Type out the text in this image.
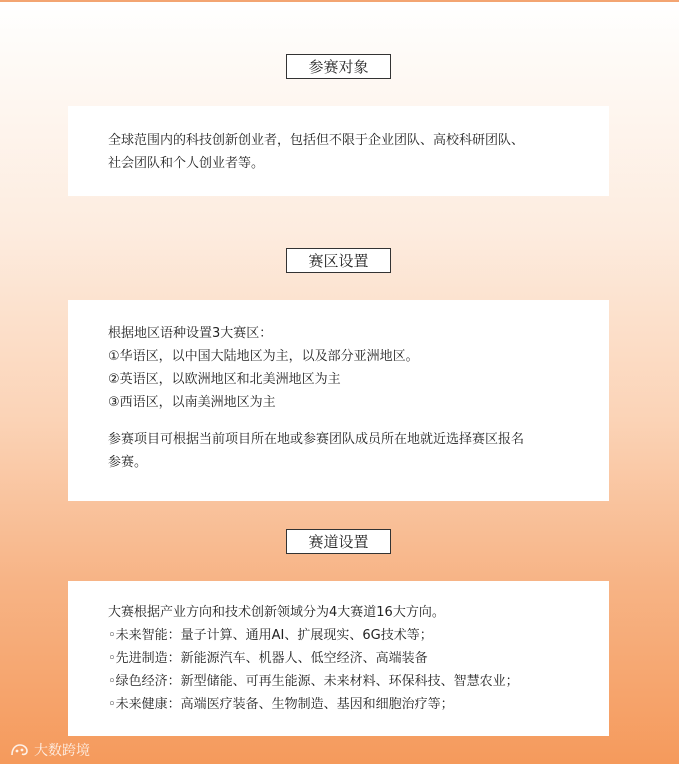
参赛对象
全球范围内的科技创新创业者，包括但不限于企业团队、高校科研团队、
社会团队和个人创业者等。
赛区设置
根据地区语种设置3大赛区：
①华语区，以中国大陆地区为主，以及部分亚洲地区。
②英语区，以欧洲地区和北美洲地区为主
③西语区，以南美洲地区为主
参赛项目可根据当前项目所在地或参赛团队成员所在地就近选择赛区报名
参赛。
赛道设置
大赛根据产业方向和技术创新领域分为4大赛道16大方向。
◦未来智能：量子计算、通用AI、扩展现实、6G技术等；
◦先进制造：新能源汽车、机器人、低空经济、高端装备
◦绿色经济：新型储能、可再生能源、未来材料、环保科技、智慧农业；
◦未来健康：高端医疗装备、生物制造、基因和细胞治疗等；
大数跨境
